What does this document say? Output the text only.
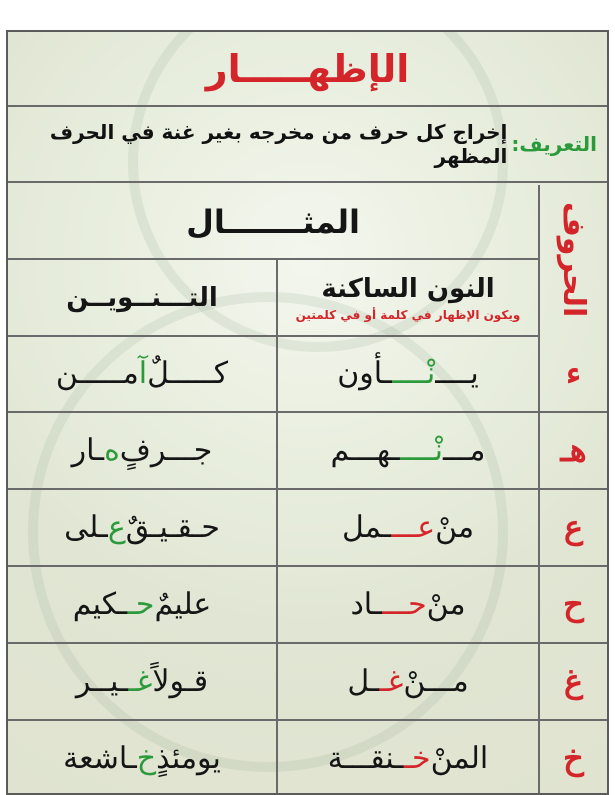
الإظهـــــار
التعريف:
إخراج كل حرف من مخرجه بغير غنة في الحرف المظهر
الحروف
المثـــــــال
النون الساكنة
ويكون الإظهار في كلمة أو في كلمتين
التـــنــويــن
ء
يــــ
نْــــ
ـأون
كـــــلٌ
آ
مـــــن
هـ
مـــ
نْــــ
ـهـــم
جـــرفٍ
ه
ـار
ع
منْ
عـــ
ـمل
حـقـيـقٌ
ع
ـلى
ح
منْ
حـــ
ـاد
عليمٌ
حـ
ـكيم
غ
مـــنْ
غـ
ـل
قـولاً
غـ
ـيــر
خ
المنْ
خـ
ـنقـــة
يومئذٍ
خ
ـاشعة
